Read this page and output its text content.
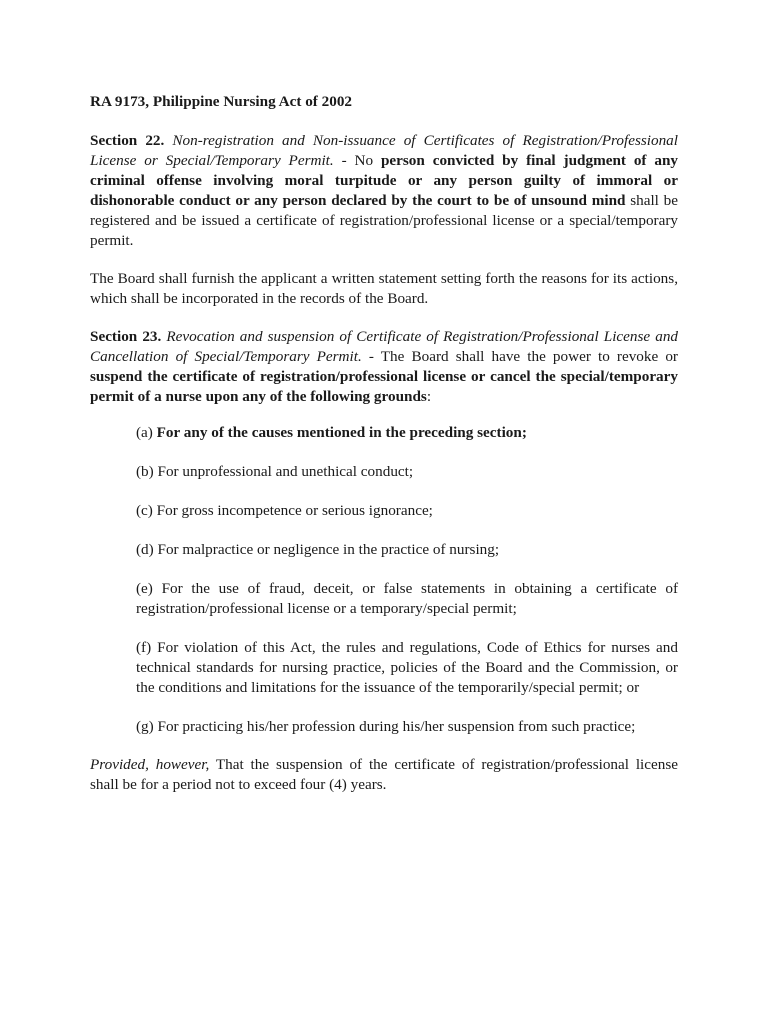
RA 9173, Philippine Nursing Act of 2002

Section 22. Non-registration and Non-issuance of Certificates of Registration/Professional License or Special/Temporary Permit. - No person convicted by final judgment of any criminal offense involving moral turpitude or any person guilty of immoral or dishonorable conduct or any person declared by the court to be of unsound mind shall be registered and be issued a certificate of registration/professional license or a special/temporary permit.

The Board shall furnish the applicant a written statement setting forth the reasons for its actions, which shall be incorporated in the records of the Board.

Section 23. Revocation and suspension of Certificate of Registration/Professional License and Cancellation of Special/Temporary Permit. - The Board shall have the power to revoke or suspend the certificate of registration/professional license or cancel the special/temporary permit of a nurse upon any of the following grounds:

(a) For any of the causes mentioned in the preceding section;

(b) For unprofessional and unethical conduct;

(c) For gross incompetence or serious ignorance;

(d) For malpractice or negligence in the practice of nursing;

(e) For the use of fraud, deceit, or false statements in obtaining a certificate of registration/professional license or a temporary/special permit;

(f) For violation of this Act, the rules and regulations, Code of Ethics for nurses and technical standards for nursing practice, policies of the Board and the Commission, or the conditions and limitations for the issuance of the temporarily/special permit; or

(g) For practicing his/her profession during his/her suspension from such practice;

Provided, however, That the suspension of the certificate of registration/professional license shall be for a period not to exceed four (4) years.
